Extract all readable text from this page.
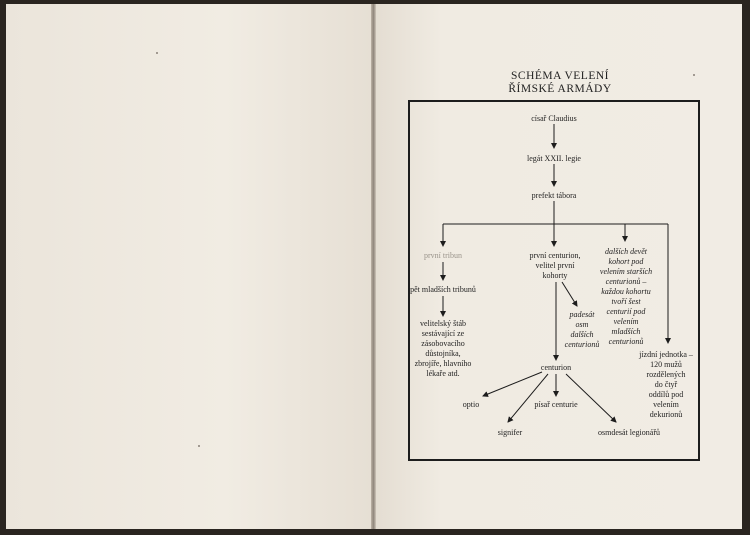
SCHÉMA VELENÍ
ŘÍMSKÉ ARMÁDY
císař Claudius
legát XXII. legie
prefekt tábora
první tribun
pět mladších tribunů
velitelský štáb
sestávající ze
zásobovacího
důstojníka,
zbrojíře, hlavního
lékaře atd.
první centurion,
velitel první
kohorty
dalších devět
kohort pod
velením starších
centurionů –
každou kohortu
tvoří šest
centurií pod
velením
mladších
centurionů
padesát
osm
dalších
centurionů
jízdní jednotka –
120 mužů
rozdělených
do čtyř
oddílů pod
velením
dekurionů
centurion
optio	písař centurie
signifer	osmdesát legionářů
